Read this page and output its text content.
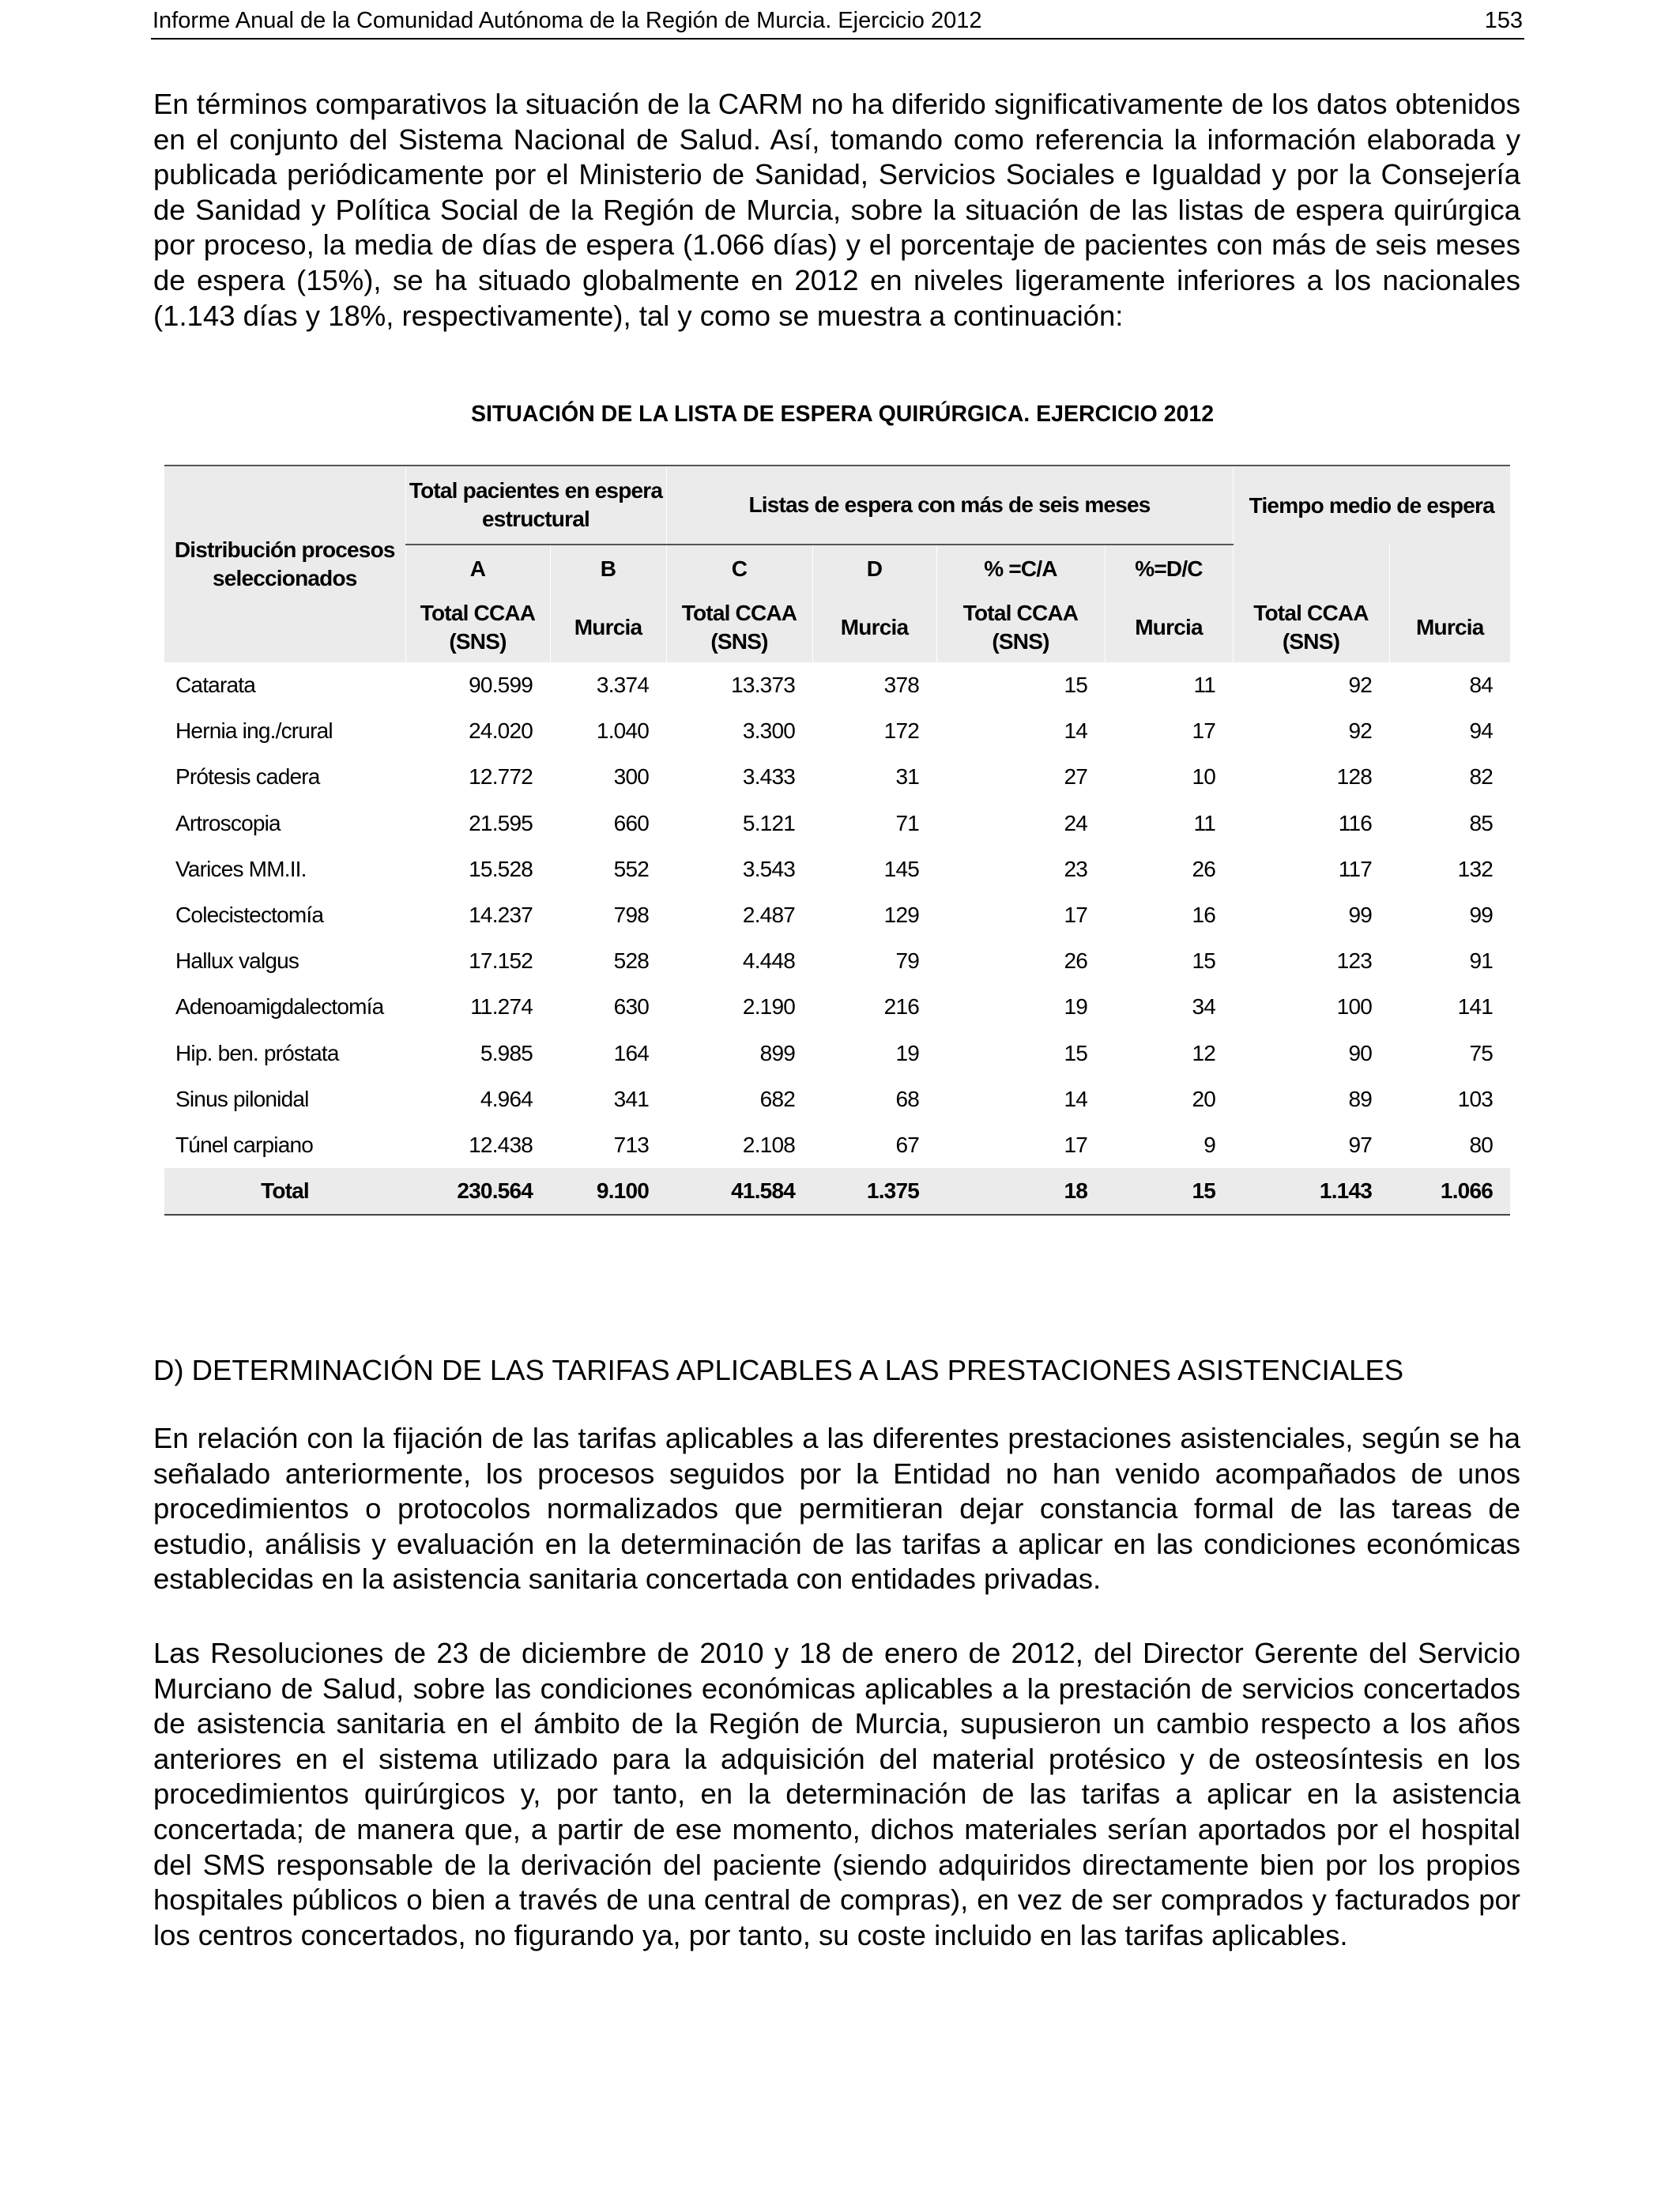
Informe Anual de la Comunidad Autónoma de la Región de Murcia. Ejercicio 2012	153

En términos comparativos la situación de la CARM no ha diferido significativamente de los datos obtenidos en el conjunto del Sistema Nacional de Salud. Así, tomando como referencia la información elaborada y publicada periódicamente por el Ministerio de Sanidad, Servicios Sociales e Igualdad y por la Consejería de Sanidad y Política Social de la Región de Murcia, sobre la situación de las listas de espera quirúrgica por proceso, la media de días de espera (1.066 días) y el porcentaje de pacientes con más de seis meses de espera (15%), se ha situado globalmente en 2012 en niveles ligeramente inferiores a los nacionales (1.143 días y 18%, respectivamente), tal y como se muestra a continuación:

SITUACIÓN DE LA LISTA DE ESPERA QUIRÚRGICA. EJERCICIO 2012
Distribución procesos seleccionados	Total pacientes en espera estructural		Listas de espera con más de seis meses				Tiempo medio de espera	
	A	B	C	D	% =C/A	%=D/C		
	Total CCAA (SNS)	Murcia	Total CCAA (SNS)	Murcia	Total CCAA (SNS)	Murcia	Total CCAA (SNS)	Murcia
Catarata	90.599	3.374	13.373	378	15	11	92	84
Hernia ing./crural	24.020	1.040	3.300	172	14	17	92	94
Prótesis cadera	12.772	300	3.433	31	27	10	128	82
Artroscopia	21.595	660	5.121	71	24	11	116	85
Varices MM.II.	15.528	552	3.543	145	23	26	117	132
Colecistectomía	14.237	798	2.487	129	17	16	99	99
Hallux valgus	17.152	528	4.448	79	26	15	123	91
Adenoamigdalectomía	11.274	630	2.190	216	19	34	100	141
Hip. ben. próstata	5.985	164	899	19	15	12	90	75
Sinus pilonidal	4.964	341	682	68	14	20	89	103
Túnel carpiano	12.438	713	2.108	67	17	9	97	80
Total	230.564	9.100	41.584	1.375	18	15	1.143	1.066

D) DETERMINACIÓN DE LAS TARIFAS APLICABLES A LAS PRESTACIONES ASISTENCIALES

En relación con la fijación de las tarifas aplicables a las diferentes prestaciones asistenciales, según se ha señalado anteriormente, los procesos seguidos por la Entidad no han venido acompañados de unos procedimientos o protocolos normalizados que permitieran dejar constancia formal de las tareas de estudio, análisis y evaluación en la determinación de las tarifas a aplicar en las condiciones económicas establecidas en la asistencia sanitaria concertada con entidades privadas.

Las Resoluciones de 23 de diciembre de 2010 y 18 de enero de 2012, del Director Gerente del Servicio Murciano de Salud, sobre las condiciones económicas aplicables a la prestación de servicios concertados de asistencia sanitaria en el ámbito de la Región de Murcia, supusieron un cambio respecto a los años anteriores en el sistema utilizado para la adquisición del material protésico y de osteosíntesis en los procedimientos quirúrgicos y, por tanto, en la determinación de las tarifas a aplicar en la asistencia concertada; de manera que, a partir de ese momento, dichos materiales serían aportados por el hospital del SMS responsable de la derivación del paciente (siendo adquiridos directamente bien por los propios hospitales públicos o bien a través de una central de compras), en vez de ser comprados y facturados por los centros concertados, no figurando ya, por tanto, su coste incluido en las tarifas aplicables.
